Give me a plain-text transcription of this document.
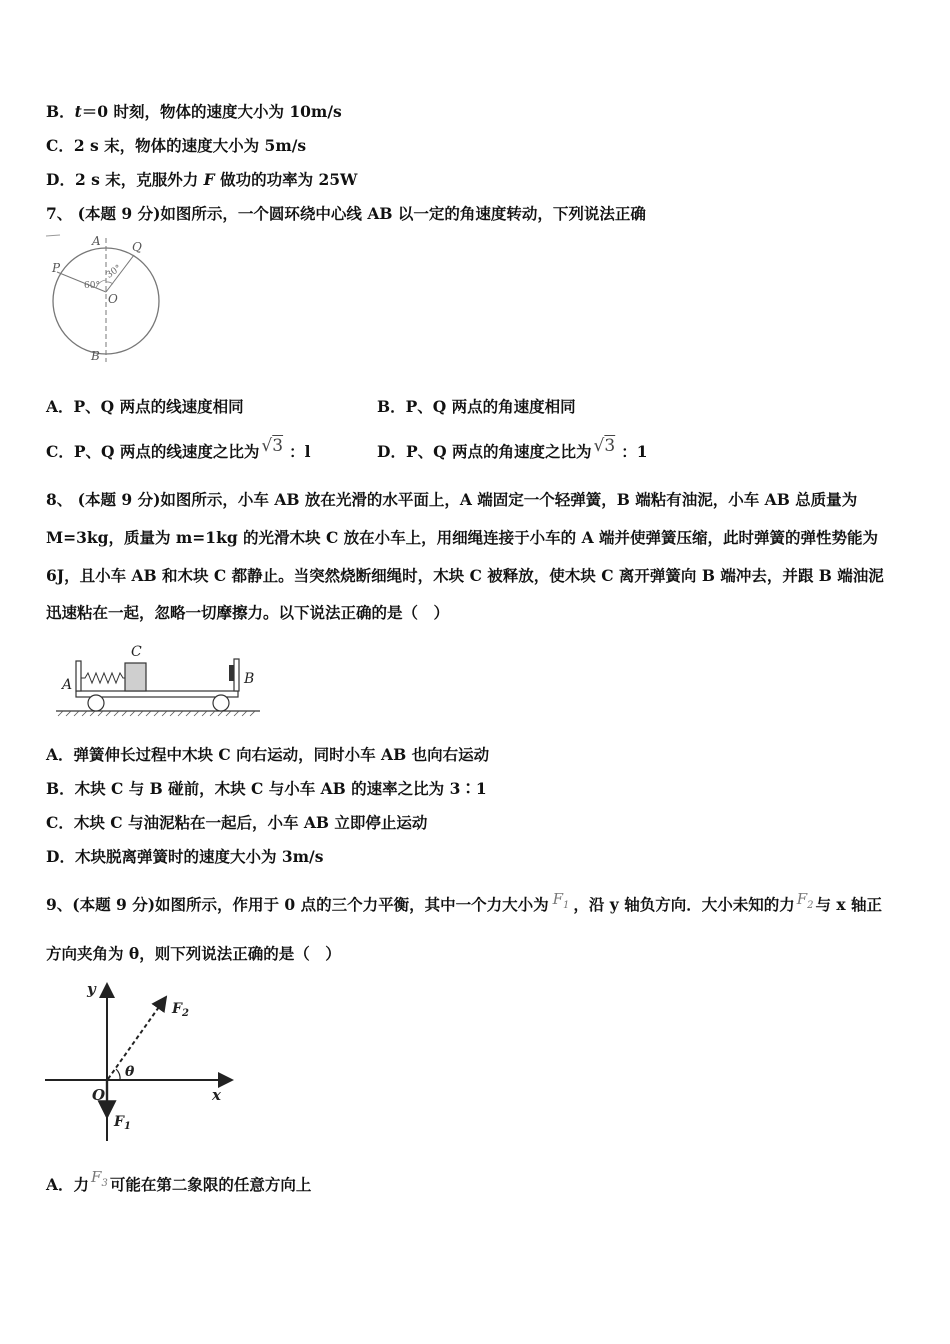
B．t＝0 时刻，物体的速度大小为 10m/s
C．2 s 末，物体的速度大小为 5m/s
D．2 s 末，克服外力 F 做功的功率为 25W
7、 (本题 9 分)如图所示，一个圆环绕中心线 AB 以一定的角速度转动，下列说法正确
A	Q
P
60°
30°
O
B
A．P、Q 两点的线速度相同	B．P、Q 两点的角速度相同
C．P、Q 两点的线速度之比为 √3 ：l	D．P、Q 两点的角速度之比为 √3 ：1
8、 (本题 9 分)如图所示，小车 AB 放在光滑的水平面上，A 端固定一个轻弹簧，B 端粘有油泥，小车 AB 总质量为
M=3kg，质量为 m=1kg 的光滑木块 C 放在小车上，用细绳连接于小车的 A 端并使弹簧压缩，此时弹簧的弹性势能为
6J，且小车 AB 和木块 C 都静止。当突然烧断细绳时，木块 C 被释放，使木块 C 离开弹簧向 B 端冲去，并跟 B 端油泥
迅速粘在一起，忽略一切摩擦力。以下说法正确的是（　）
C
A	B
A．弹簧伸长过程中木块 C 向右运动，同时小车 AB 也向右运动
B．木块 C 与 B 碰前，木块 C 与小车 AB 的速率之比为 3∶1
C．木块 C 与油泥粘在一起后，小车 AB 立即停止运动
D．木块脱离弹簧时的速度大小为 3m/s
9、(本题 9 分)如图所示，作用于 0 点的三个力平衡，其中一个力大小为 $F_1$ ，沿 y 轴负方向．大小未知的力 $F_2$ 与 x 轴正
方向夹角为 θ，则下列说法正确的是（　）
y
$F_2$
θ
O	x
$F_1$
A．力 $F_3$ 可能在第二象限的任意方向上
